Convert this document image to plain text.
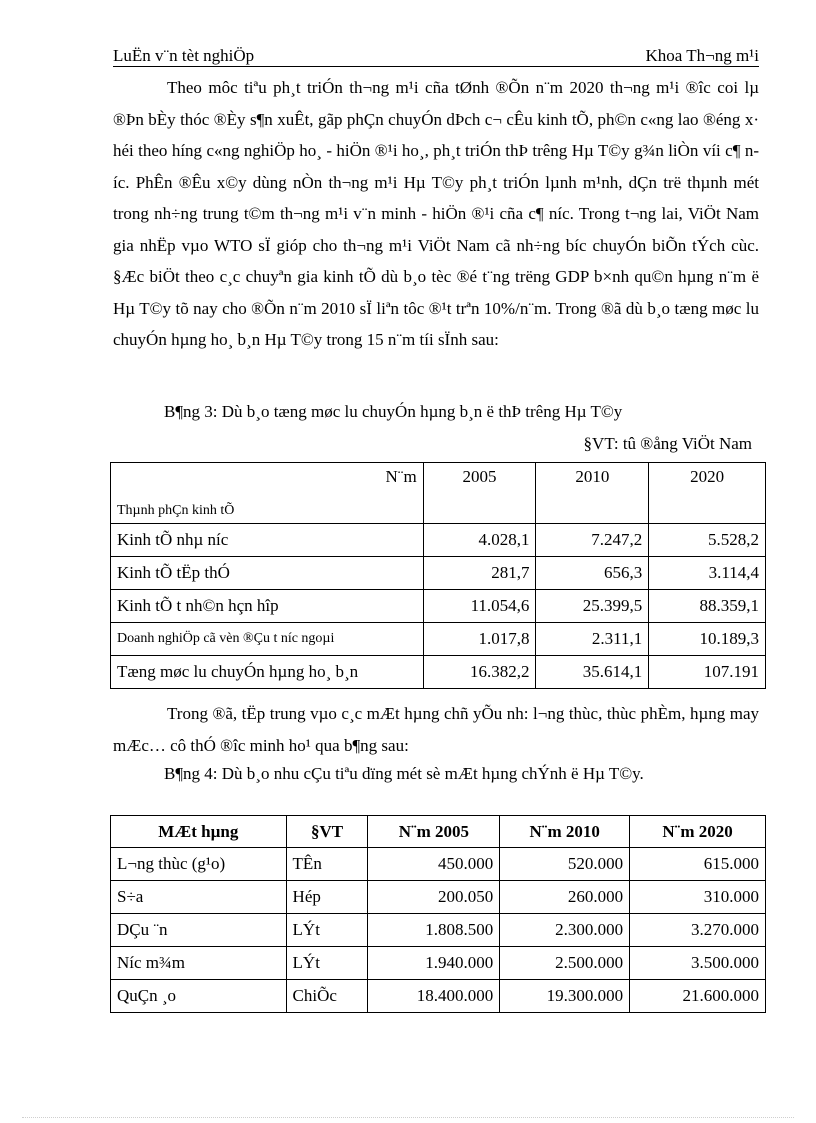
LuËn v¨n tèt nghiÖp	Khoa Th¬ng m¹i

Theo môc tiªu ph¸t triÓn th¬ng m¹i cña tØnh ®Õn n¨m 2020 th¬ng m¹i ®îc coi lµ ®Þn bÈy thóc ®Èy s¶n xuÊt, gãp phÇn chuyÓn dÞch c¬ cÊu kinh tÕ, ph©n c«ng lao ®éng x· héi theo híng c«ng nghiÖp ho¸ - hiÖn ®¹i ho¸, ph¸t triÓn thÞ trêng Hµ T©y g¾n liÒn víi c¶ níc. PhÊn ®Êu x©y dùng nÒn th¬ng m¹i Hµ T©y ph¸t triÓn lµnh m¹nh, dÇn trë thµnh mét trong nh÷ng trung t©m th¬ng m¹i v¨n minh - hiÖn ®¹i cña c¶ níc. Trong t¬ng lai, ViÖt Nam gia nhËp vµo WTO sÏ gióp cho th¬ng m¹i ViÖt Nam cã nh÷ng bíc chuyÓn biÕn tÝch cùc. §Æc biÖt theo c¸c chuyªn gia kinh tÕ dù b¸o tèc ®é t¨ng trëng GDP b×nh qu©n hµng n¨m ë Hµ T©y tõ nay cho ®Õn n¨m 2010 sÏ liªn tôc ®¹t trªn 10%/n¨m. Trong ®ã dù b¸o tæng møc lu chuyÓn hµng ho¸ b¸n Hµ T©y trong 15 n¨m tíi sÏnh sau:

B¶ng 3: Dù b¸o tæng møc lu chuyÓn hµng b¸n ë thÞ trêng Hµ T©y

§VT: tû ®ång ViÖt Nam

N¨m
Thµnh phÇn kinh tÕ	2005	2010	2020
Kinh tÕ nhµ níc	4.028,1	7.247,2	5.528,2
Kinh tÕ tËp thÓ	281,7	656,3	3.114,4
Kinh tÕ t nh©n hçn hîp	11.054,6	25.399,5	88.359,1
Doanh nghiÖp cã vèn ®Çu t níc ngoµi	1.017,8	2.311,1	10.189,3
Tæng møc lu chuyÓn hµng ho¸ b¸n	16.382,2	35.614,1	107.191

Trong ®ã, tËp trung vµo c¸c mÆt hµng chñ yÕu nh: l¬ng thùc, thùc phÈm, hµng may mÆc… cô thÓ ®îc minh ho¹ qua b¶ng sau:

B¶ng 4: Dù b¸o nhu cÇu tiªu dïng mét sè mÆt hµng chÝnh ë Hµ T©y.

MÆt hµng	§VT	N¨m 2005	N¨m 2010	N¨m 2020
L¬ng thùc (g¹o)	TÊn	450.000	520.000	615.000
S÷a	Hép	200.050	260.000	310.000
DÇu ¨n	LÝt	1.808.500	2.300.000	3.270.000
Níc m¾m	LÝt	1.940.000	2.500.000	3.500.000
QuÇn ¸o	ChiÕc	18.400.000	19.300.000	21.600.000
